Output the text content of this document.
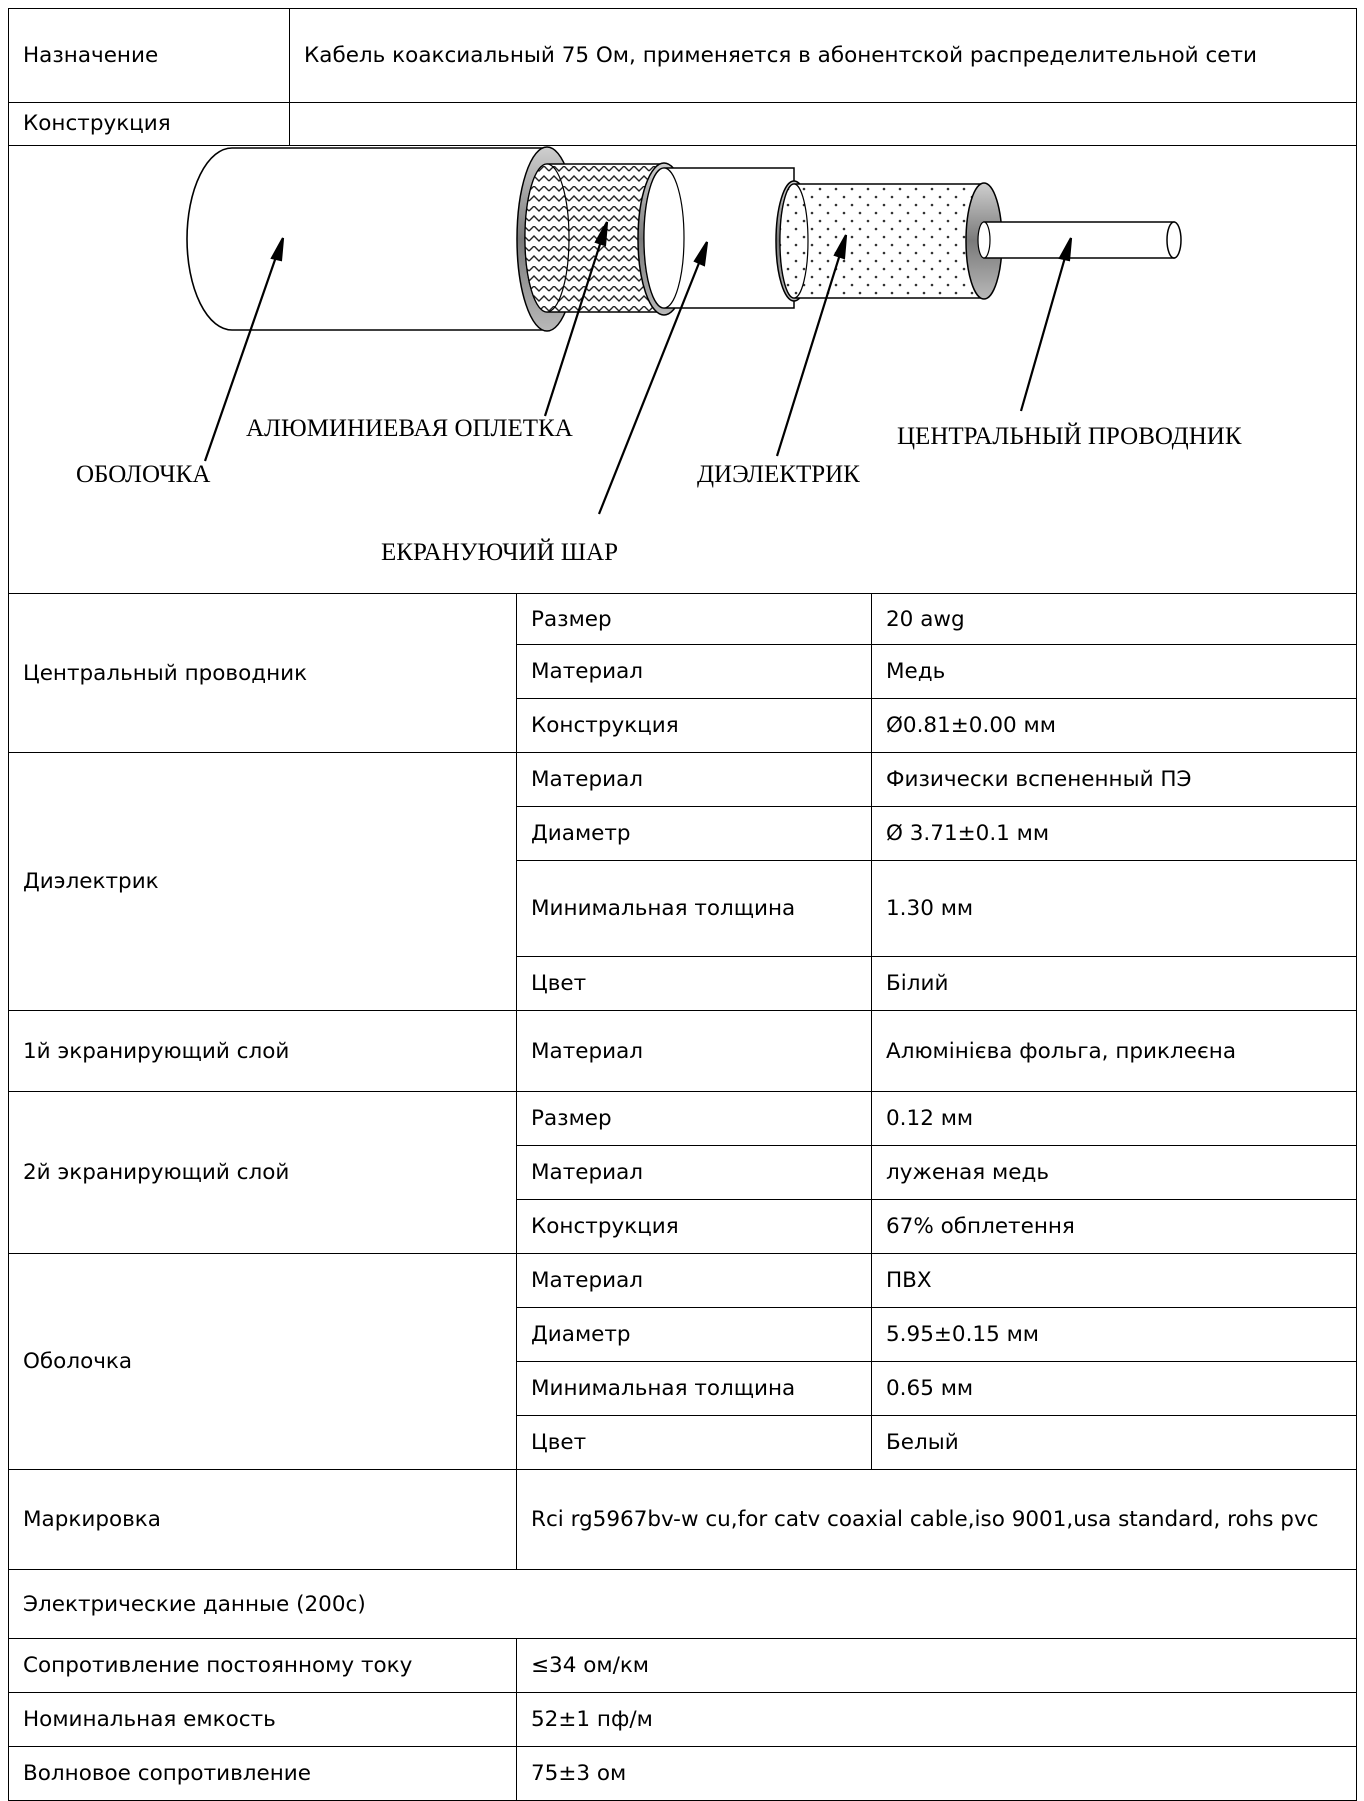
Назначение	Кабель коаксиальный 75 Ом, применяется в абонентской распределительной сети		
Конструкция			

ОБОЛОЧКА
АЛЮМИНИЕВАЯ ОПЛЕТКА
ЕКРАНУЮЧИЙ ШАР
ДИЭЛЕКТРИК
ЦЕНТРАЛЬНЫЙ ПРОВОДНИК			

Центральный проводник		Размер	20 awg
		Материал	Медь
		Конструкция	Ø0.81±0.00 мм
Диэлектрик		Материал	Физически вспененный ПЭ
		Диаметр	Ø 3.71±0.1 мм
		Минимальная толщина	1.30 мм
		Цвет	Білий
1й экранирующий слой		Материал	Алюмінієва фольга, приклеєна
2й экранирующий слой		Размер	0.12 мм
		Материал	луженая медь
		Конструкция	67% обплетення
Оболочка		Материал	ПВХ
		Диаметр	5.95±0.15 мм
		Минимальная толщина	0.65 мм
		Цвет	Белый
Маркировка		Rci rg5967bv-w cu,for catv coaxial cable,iso 9001,usa standard, rohs pvc	
Электрические данные (200c)			
Сопротивление постоянному току		≤34 ом/км	
Номинальная емкость		52±1 пф/м	
Волновое сопротивление		75±3 ом	
